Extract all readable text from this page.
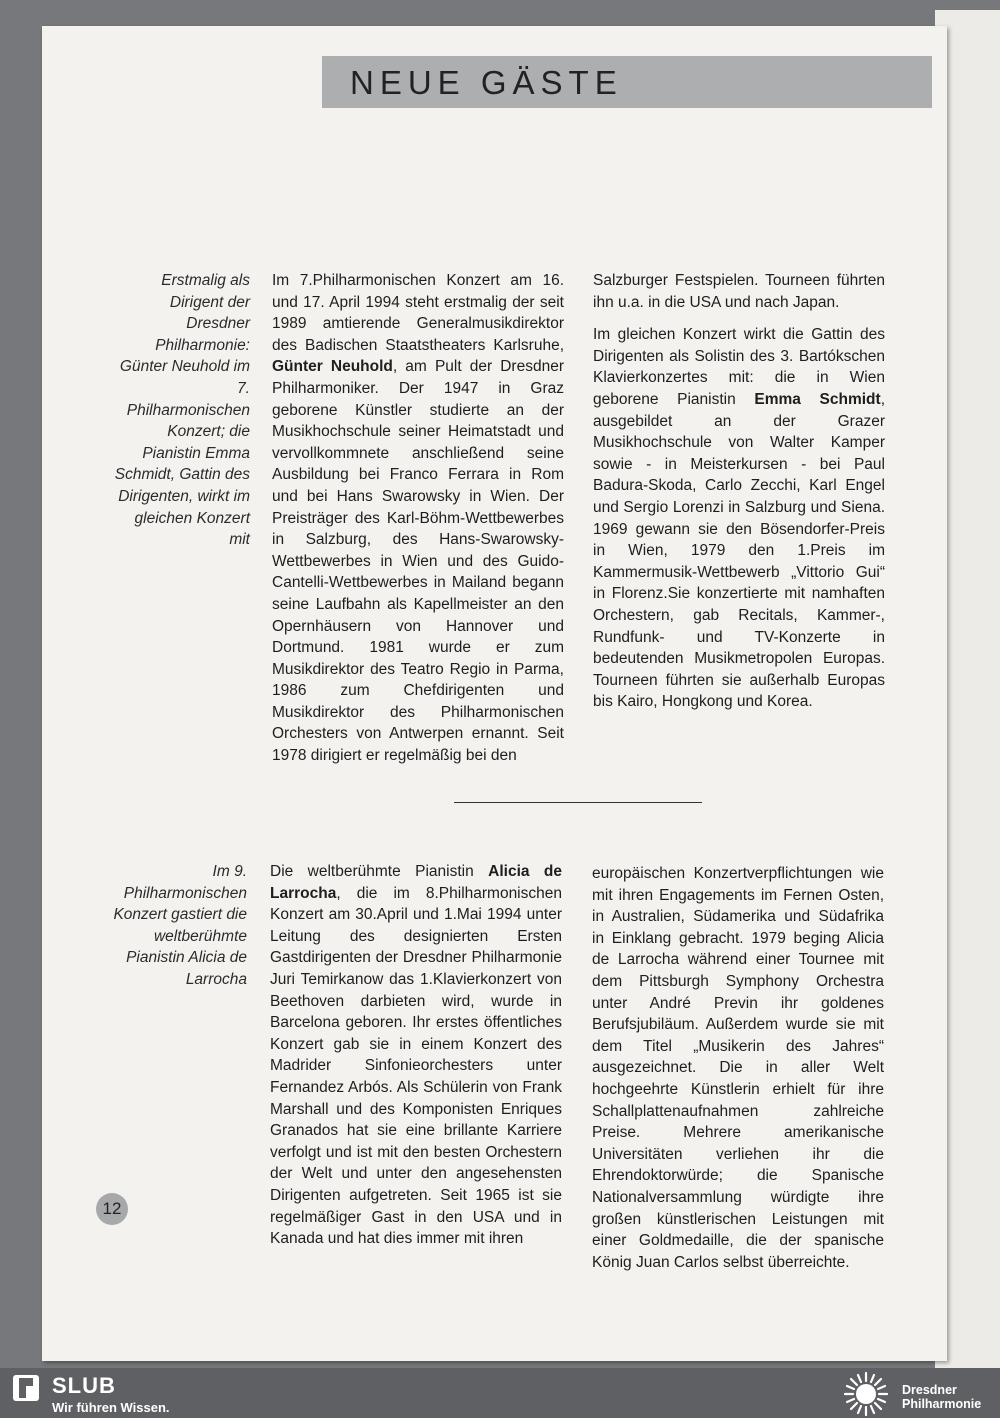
NEUE GÄSTE
Erstmalig als Dirigent der Dresdner Philharmonie: Günter Neuhold im 7. Philharmonischen Konzert; die Pianistin Emma Schmidt, Gattin des Dirigenten, wirkt im gleichen Konzert mit

Im 7.Philharmonischen Konzert am 16. und 17. April 1994 steht erstmalig der seit 1989 amtierende Generalmusikdirektor des Badischen Staatstheaters Karlsruhe, Günter Neuhold, am Pult der Dresdner Philharmoniker. Der 1947 in Graz geborene Künstler studierte an der Musikhochschule seiner Heimatstadt und vervollkommnete anschließend seine Ausbildung bei Franco Ferrara in Rom und bei Hans Swarowsky in Wien. Der Preisträger des Karl-Böhm-Wettbewerbes in Salzburg, des Hans-Swarowsky-Wettbewerbes in Wien und des Guido-Cantelli-Wettbewerbes in Mailand begann seine Laufbahn als Kapellmeister an den Opernhäusern von Hannover und Dortmund. 1981 wurde er zum Musikdirektor des Teatro Regio in Parma, 1986 zum Chefdirigenten und Musikdirektor des Philharmonischen Orchesters von Antwerpen ernannt. Seit 1978 dirigiert er regelmäßig bei den

Salzburger Festspielen. Tourneen führten ihn u.a. in die USA und nach Japan.

Im gleichen Konzert wirkt die Gattin des Dirigenten als Solistin des 3. Bartókschen Klavierkonzertes mit: die in Wien geborene Pianistin Emma Schmidt, ausgebildet an der Grazer Musikhochschule von Walter Kamper sowie - in Meisterkursen - bei Paul Badura-Skoda, Carlo Zecchi, Karl Engel und Sergio Lorenzi in Salzburg und Siena. 1969 gewann sie den Bösendorfer-Preis in Wien, 1979 den 1.Preis im Kammermusik-Wettbewerb „Vittorio Gui“ in Florenz.Sie konzertierte mit namhaften Orchestern, gab Recitals, Kammer-, Rundfunk- und TV-Konzerte in bedeutenden Musikmetropolen Europas. Tourneen führten sie außerhalb Europas bis Kairo, Hongkong und Korea.

Im 9. Philharmonischen Konzert gastiert die weltberühmte Pianistin Alicia de Larrocha

Die weltberühmte Pianistin Alicia de Larrocha, die im 8.Philharmonischen Konzert am 30.April und 1.Mai 1994 unter Leitung des designierten Ersten Gastdirigenten der Dresdner Philharmonie Juri Temirkanow das 1.Klavierkonzert von Beethoven darbieten wird, wurde in Barcelona geboren. Ihr erstes öffentliches Konzert gab sie in einem Konzert des Madrider Sinfonieorchesters unter Fernandez Arbós. Als Schülerin von Frank Marshall und des Komponisten Enriques Granados hat sie eine brillante Karriere verfolgt und ist mit den besten Orchestern der Welt und unter den angesehensten Dirigenten aufgetreten. Seit 1965 ist sie regelmäßiger Gast in den USA und in Kanada und hat dies immer mit ihren

europäischen Konzertverpflichtungen wie mit ihren Engagements im Fernen Osten, in Australien, Südamerika und Südafrika in Einklang gebracht. 1979 beging Alicia de Larrocha während einer Tournee mit dem Pittsburgh Symphony Orchestra unter André Previn ihr goldenes Berufsjubiläum. Außerdem wurde sie mit dem Titel „Musikerin des Jahres“ ausgezeichnet. Die in aller Welt hochgeehrte Künstlerin erhielt für ihre Schallplattenaufnahmen zahlreiche Preise. Mehrere amerikanische Universitäten verliehen ihr die Ehrendoktorwürde; die Spanische Nationalversammlung würdigte ihre großen künstlerischen Leistungen mit einer Goldmedaille, die der spanische König Juan Carlos selbst überreichte.

12
SLUB
Wir führen Wissen.
Dresdner
Philharmonie
